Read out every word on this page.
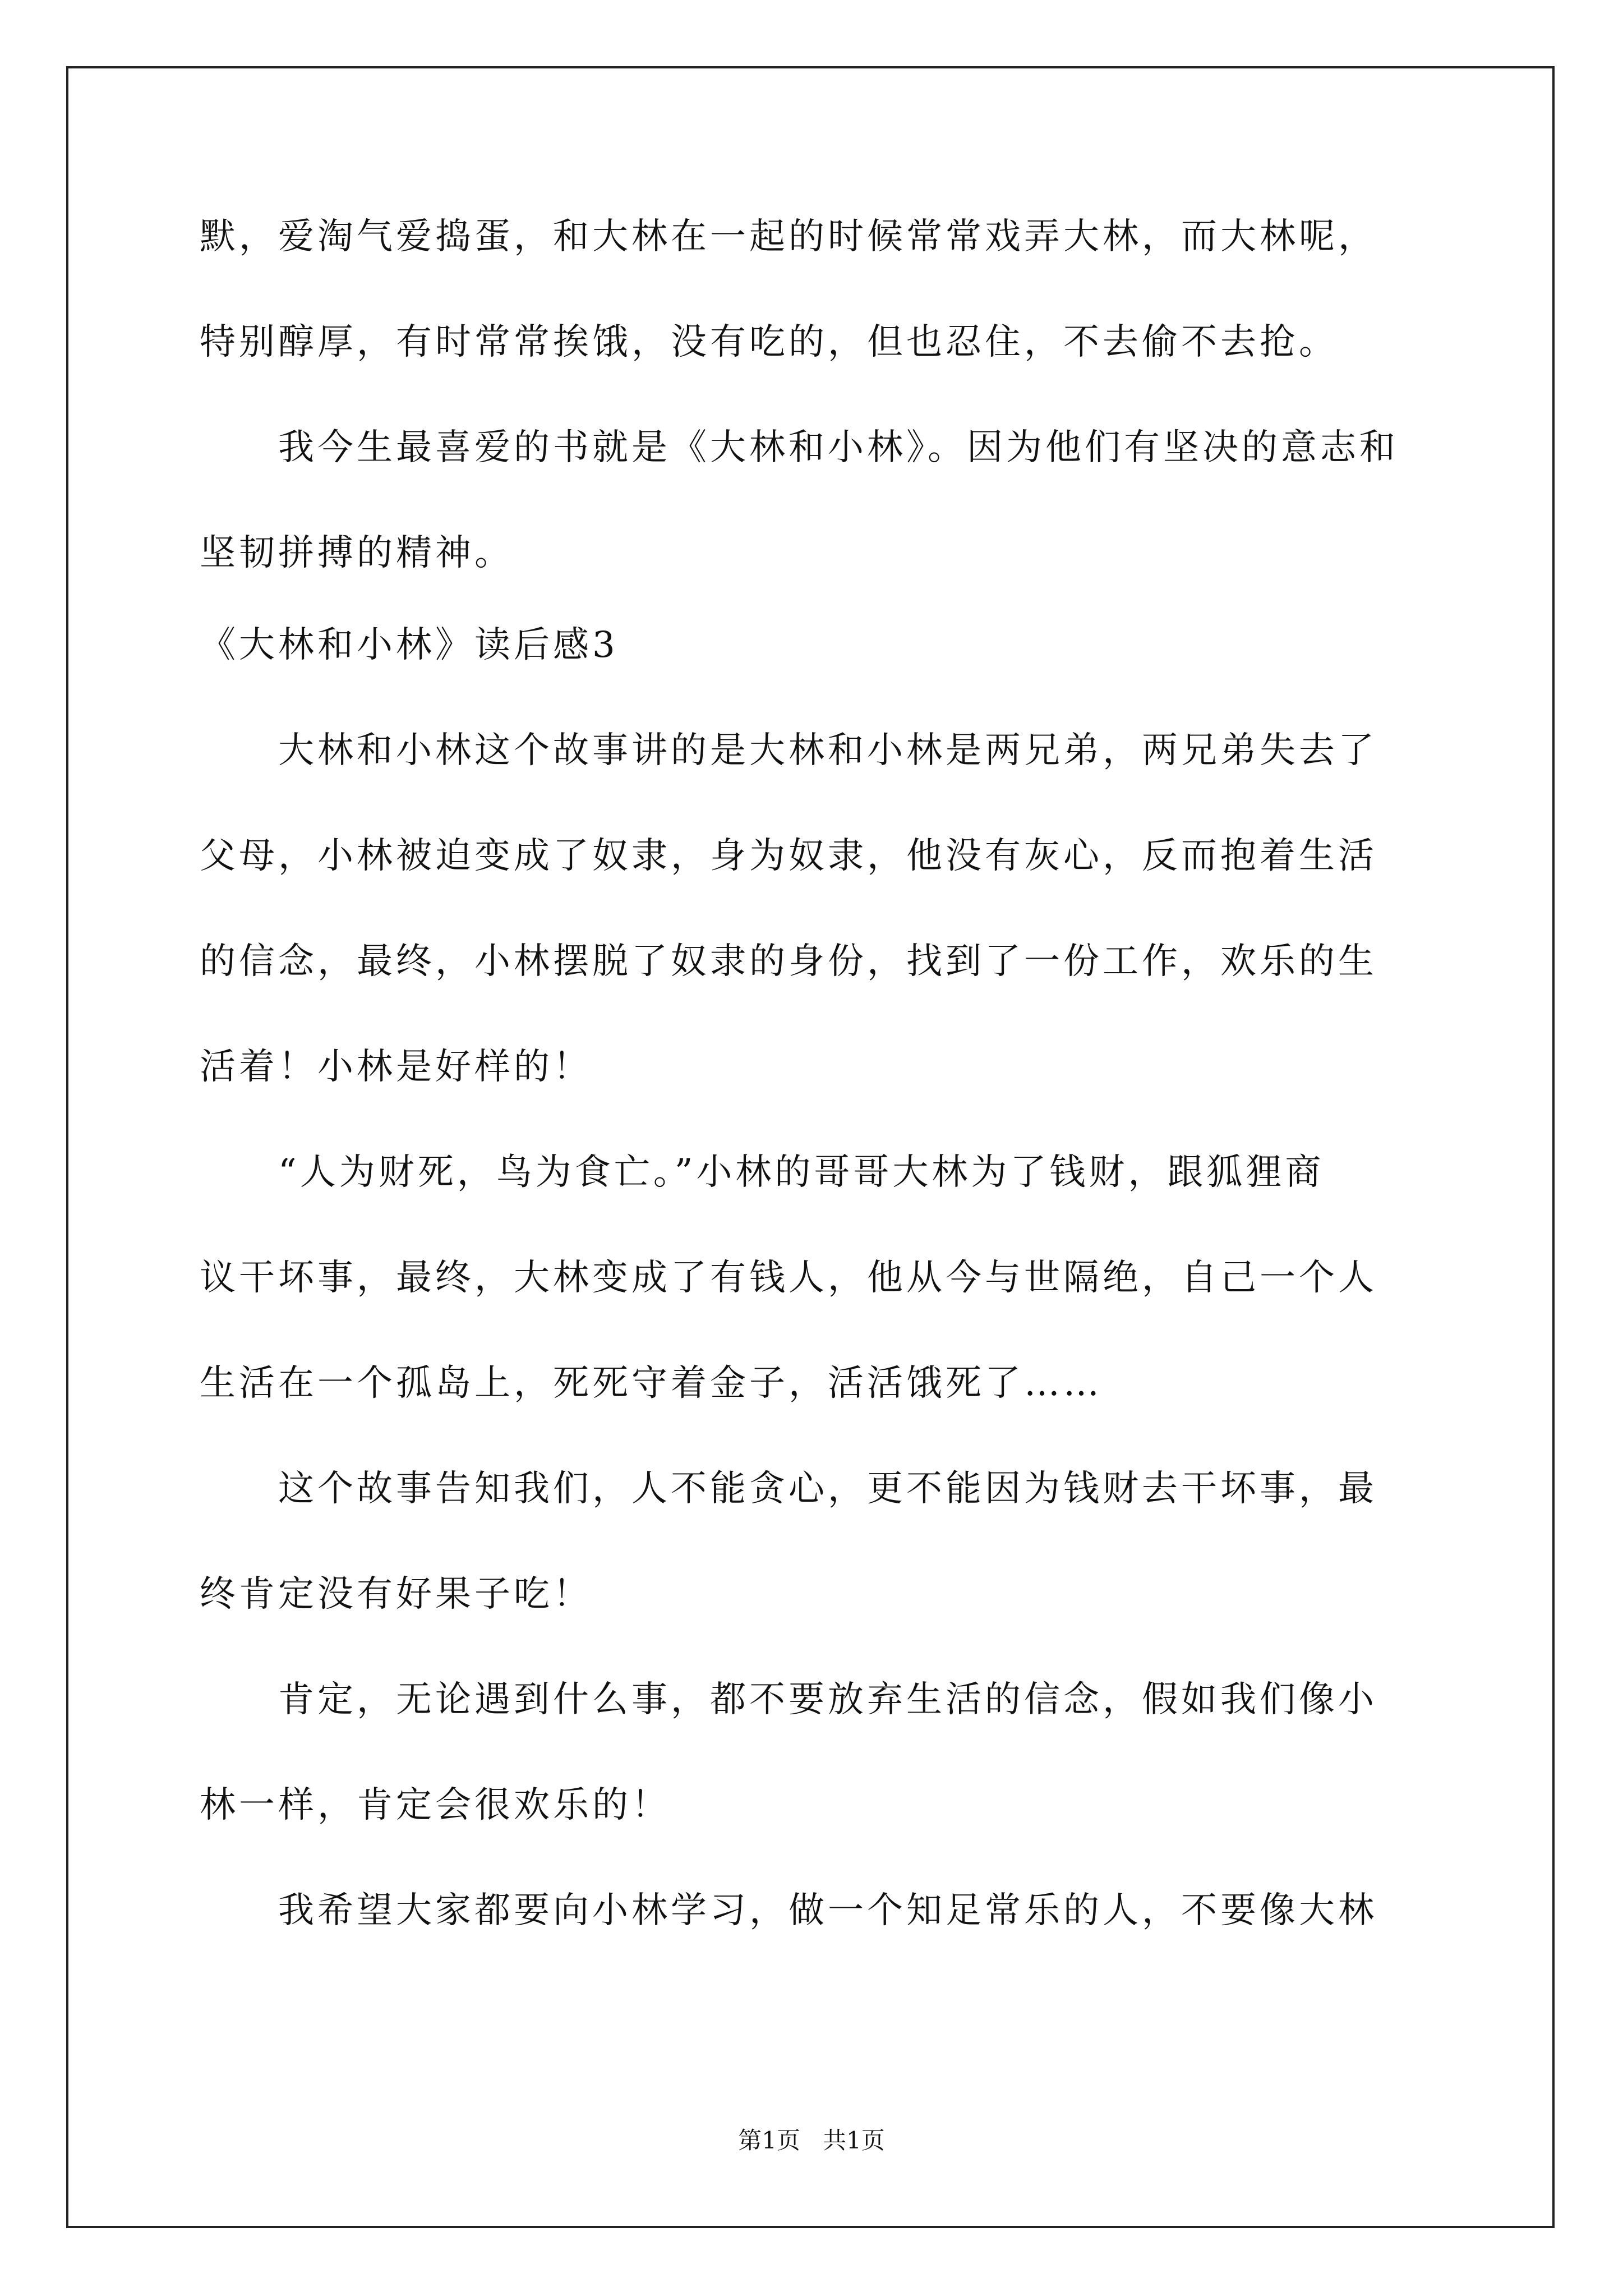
默，爱淘气爱捣蛋，和大林在一起的时候常常戏弄大林，而大林呢，
特别醇厚，有时常常挨饿，没有吃的，但也忍住，不去偷不去抢。
　　我今生最喜爱的书就是《大林和小林》。因为他们有坚决的意志和
坚韧拼搏的精神。
《大林和小林》读后感3
　　大林和小林这个故事讲的是大林和小林是两兄弟，两兄弟失去了
父母，小林被迫变成了奴隶，身为奴隶，他没有灰心，反而抱着生活
的信念，最终，小林摆脱了奴隶的身份，找到了一份工作，欢乐的生
活着！小林是好样的！
　　“人为财死，鸟为食亡。”小林的哥哥大林为了钱财，跟狐狸商
议干坏事，最终，大林变成了有钱人，他从今与世隔绝，自己一个人
生活在一个孤岛上，死死守着金子，活活饿死了……
　　这个故事告知我们，人不能贪心，更不能因为钱财去干坏事，最
终肯定没有好果子吃！
　　肯定，无论遇到什么事，都不要放弃生活的信念，假如我们像小
林一样，肯定会很欢乐的！
　　我希望大家都要向小林学习，做一个知足常乐的人，不要像大林
第1页   共1页
